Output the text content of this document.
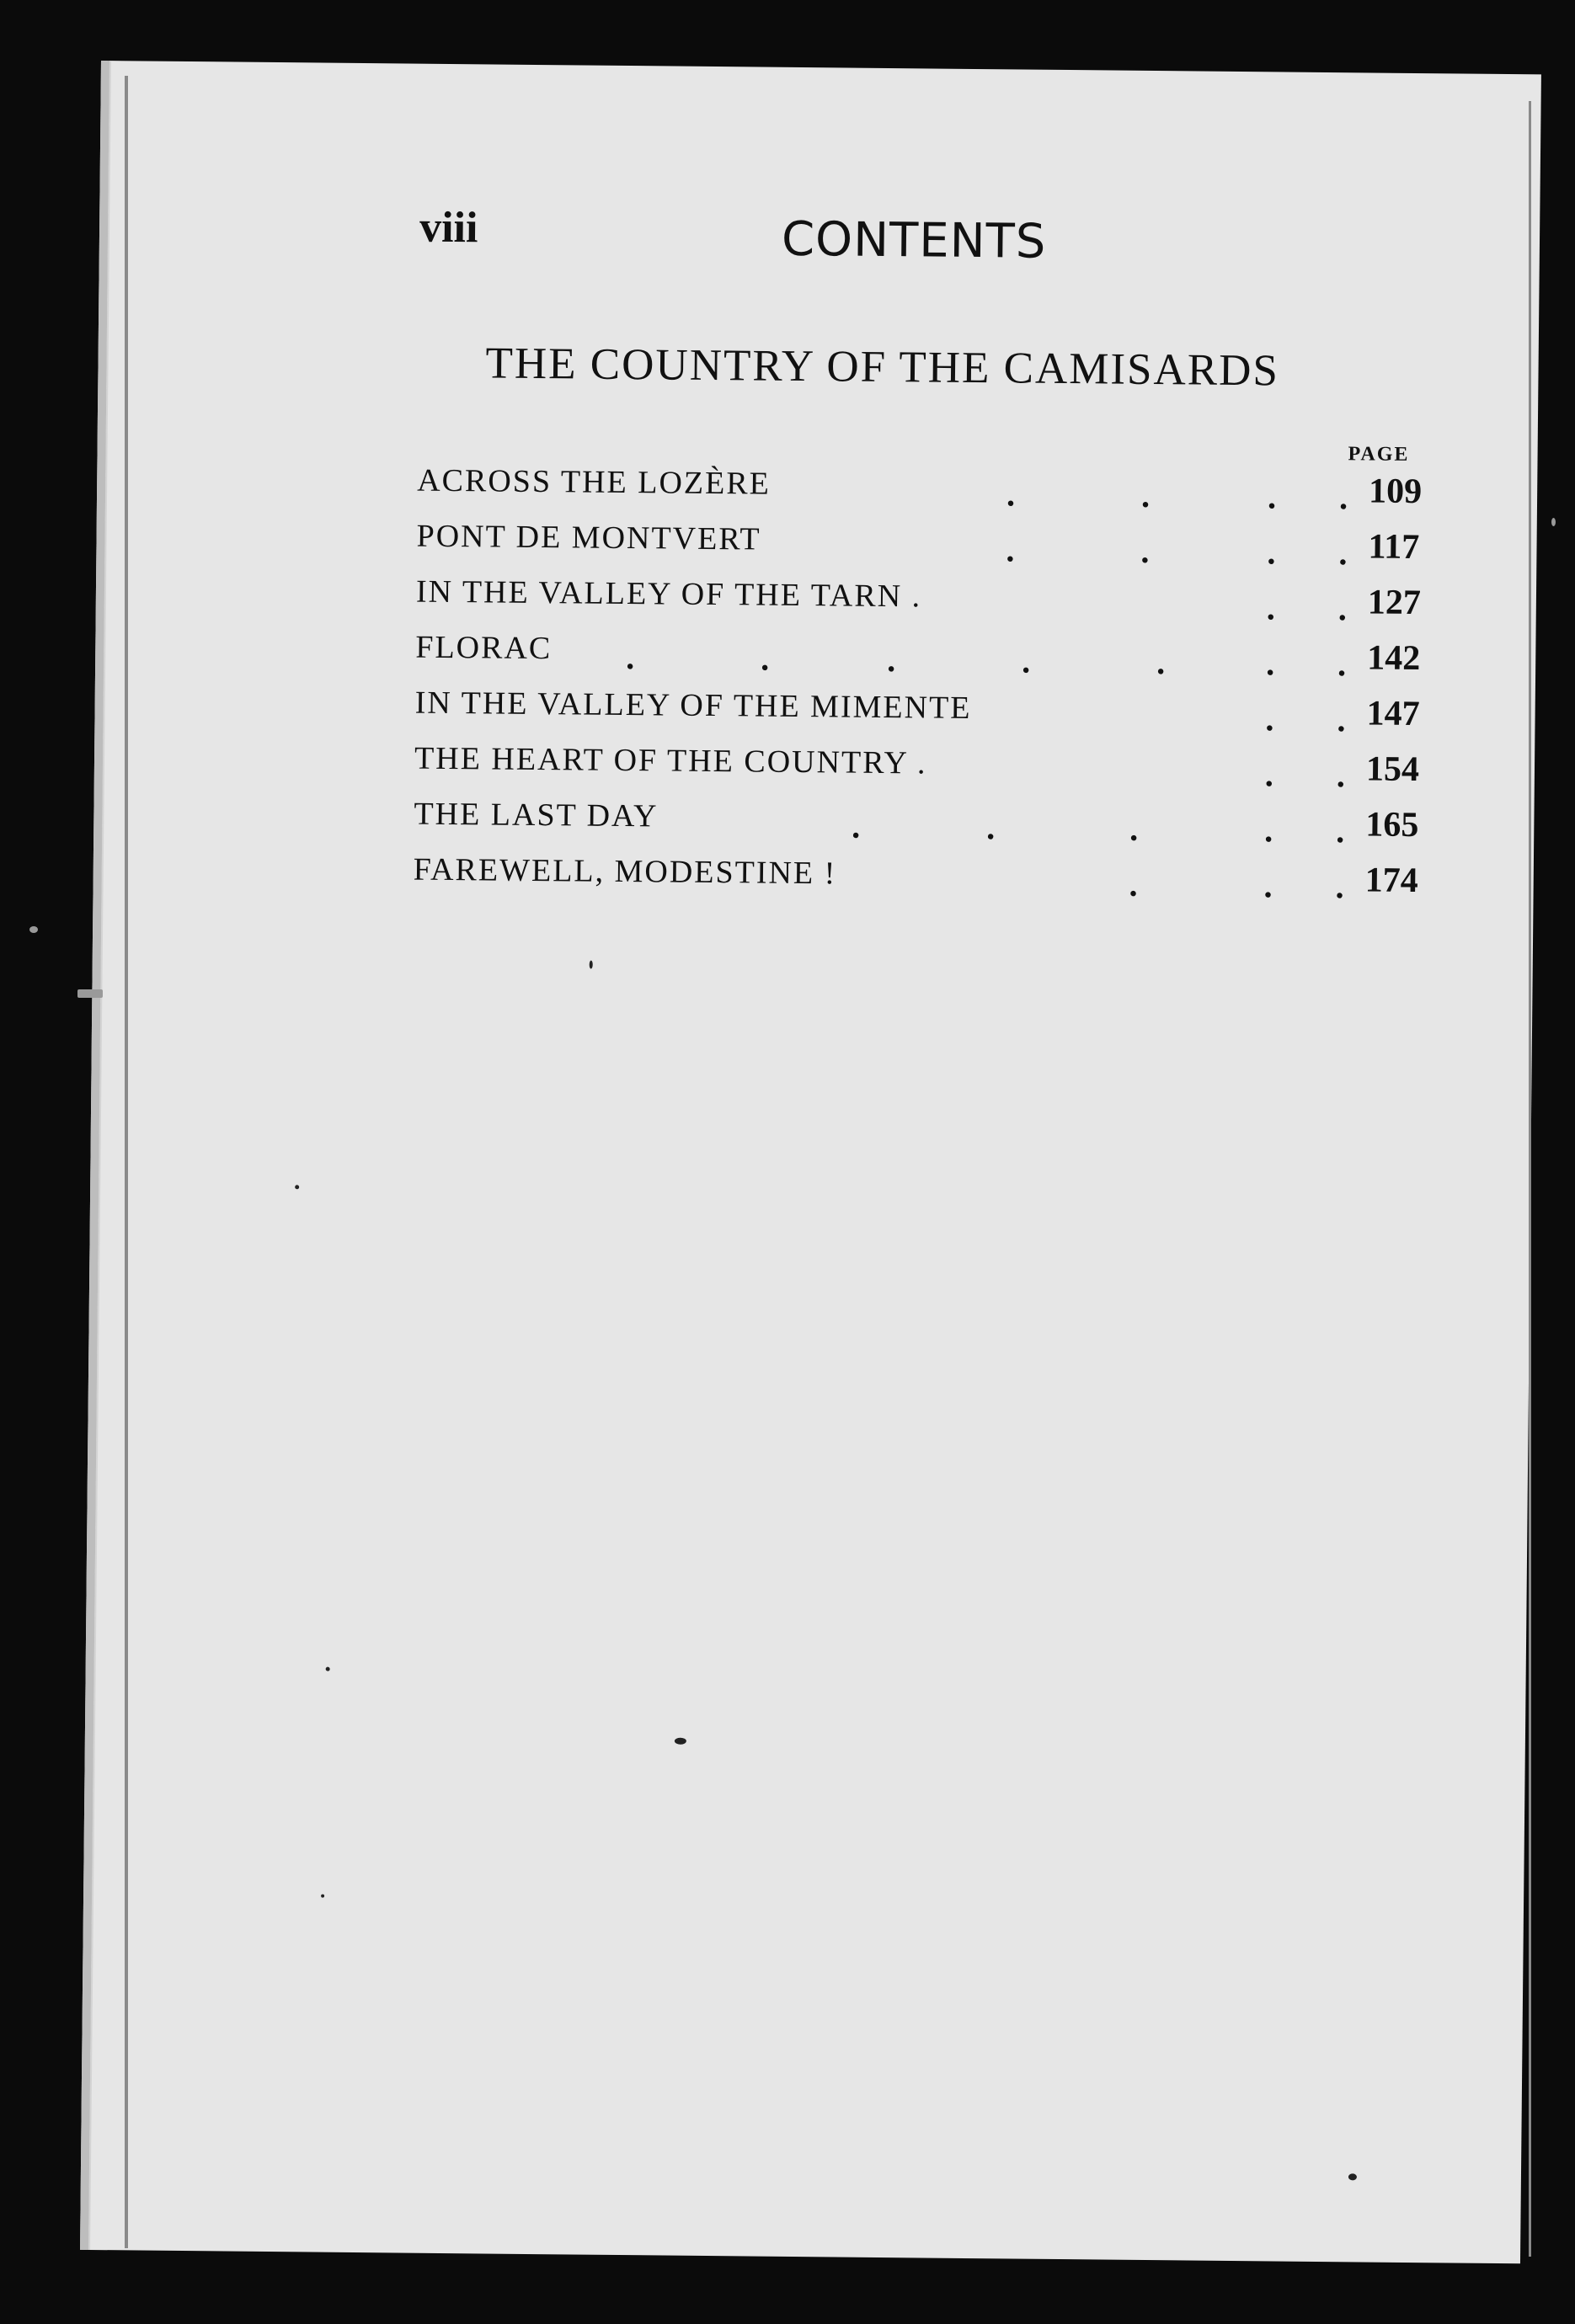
viii	CONTENTS
THE COUNTRY OF THE CAMISARDS
PAGE
ACROSS THE LOZÈRE	.	.	. . 109
PONT DE MONTVERT	.	.	. . 117
IN THE VALLEY OF THE TARN .	. . 127
FLORAC .	.	.	.	.	. . 142
IN THE VALLEY OF THE MIMENTE	. . 147
THE HEART OF THE COUNTRY .	. . 154
THE LAST DAY	.	.	.	. . 165
FAREWELL, MODESTINE !	.	. . 174
